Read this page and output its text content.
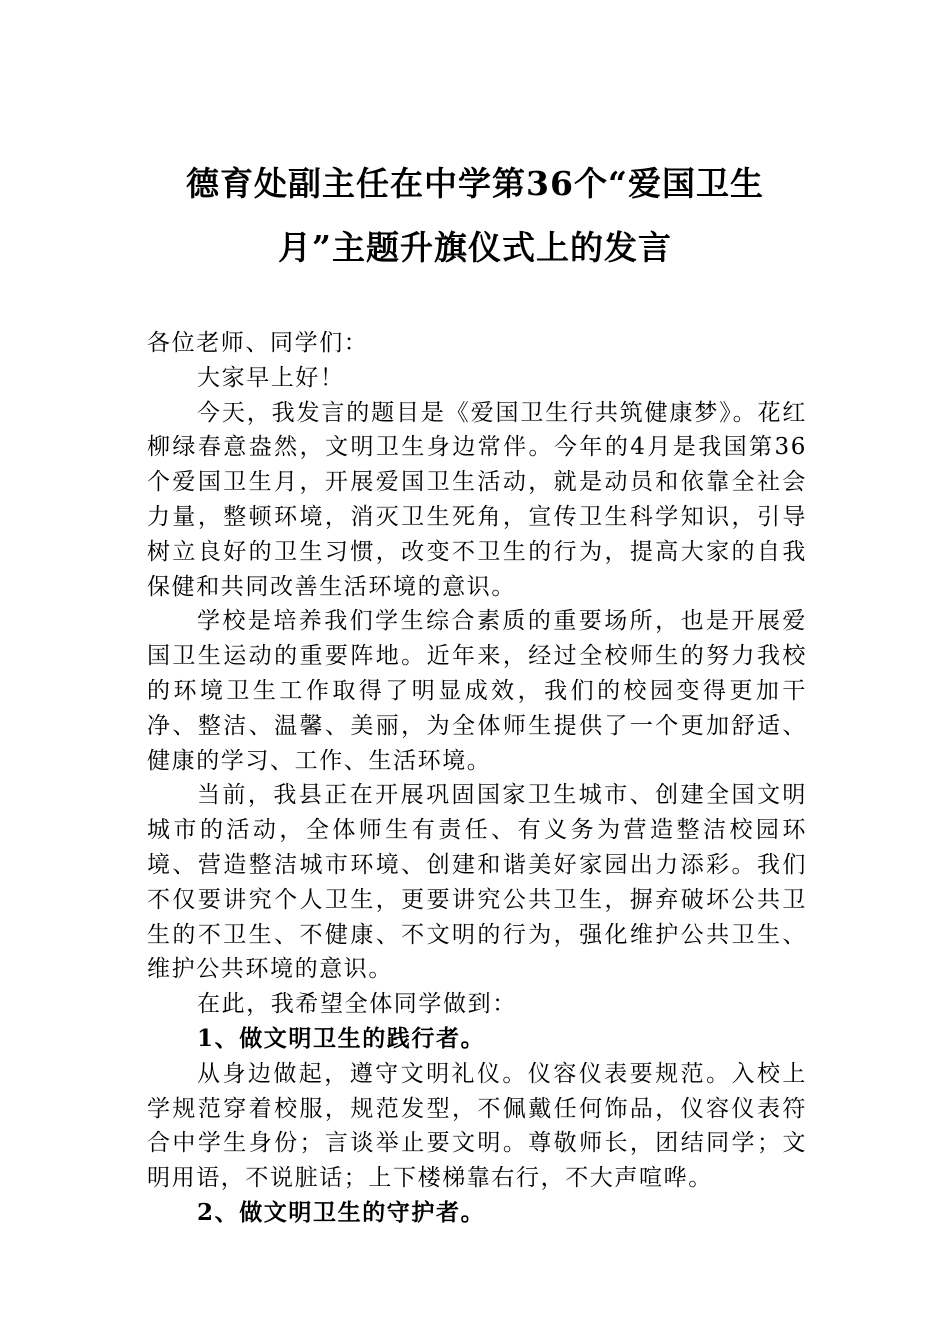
德育处副主任在中学第36个“爱国卫生
月”主题升旗仪式上的发言

各位老师、同学们：

大家早上好！

今天，我发言的题目是《爱国卫生行共筑健康梦》。花红柳绿春意盎然，文明卫生身边常伴。今年的4月是我国第36个爱国卫生月，开展爱国卫生活动，就是动员和依靠全社会力量，整顿环境，消灭卫生死角，宣传卫生科学知识，引导树立良好的卫生习惯，改变不卫生的行为，提高大家的自我保健和共同改善生活环境的意识。

学校是培养我们学生综合素质的重要场所，也是开展爱国卫生运动的重要阵地。近年来，经过全校师生的努力我校的环境卫生工作取得了明显成效，我们的校园变得更加干净、整洁、温馨、美丽，为全体师生提供了一个更加舒适、健康的学习、工作、生活环境。

当前，我县正在开展巩固国家卫生城市、创建全国文明城市的活动，全体师生有责任、有义务为营造整洁校园环境、营造整洁城市环境、创建和谐美好家园出力添彩。我们不仅要讲究个人卫生，更要讲究公共卫生，摒弃破坏公共卫生的不卫生、不健康、不文明的行为，强化维护公共卫生、维护公共环境的意识。

在此，我希望全体同学做到：

1、做文明卫生的践行者。

从身边做起，遵守文明礼仪。仪容仪表要规范。入校上学规范穿着校服，规范发型，不佩戴任何饰品，仪容仪表符合中学生身份；言谈举止要文明。尊敬师长，团结同学；文明用语，不说脏话；上下楼梯靠右行，不大声喧哗。

2、做文明卫生的守护者。
